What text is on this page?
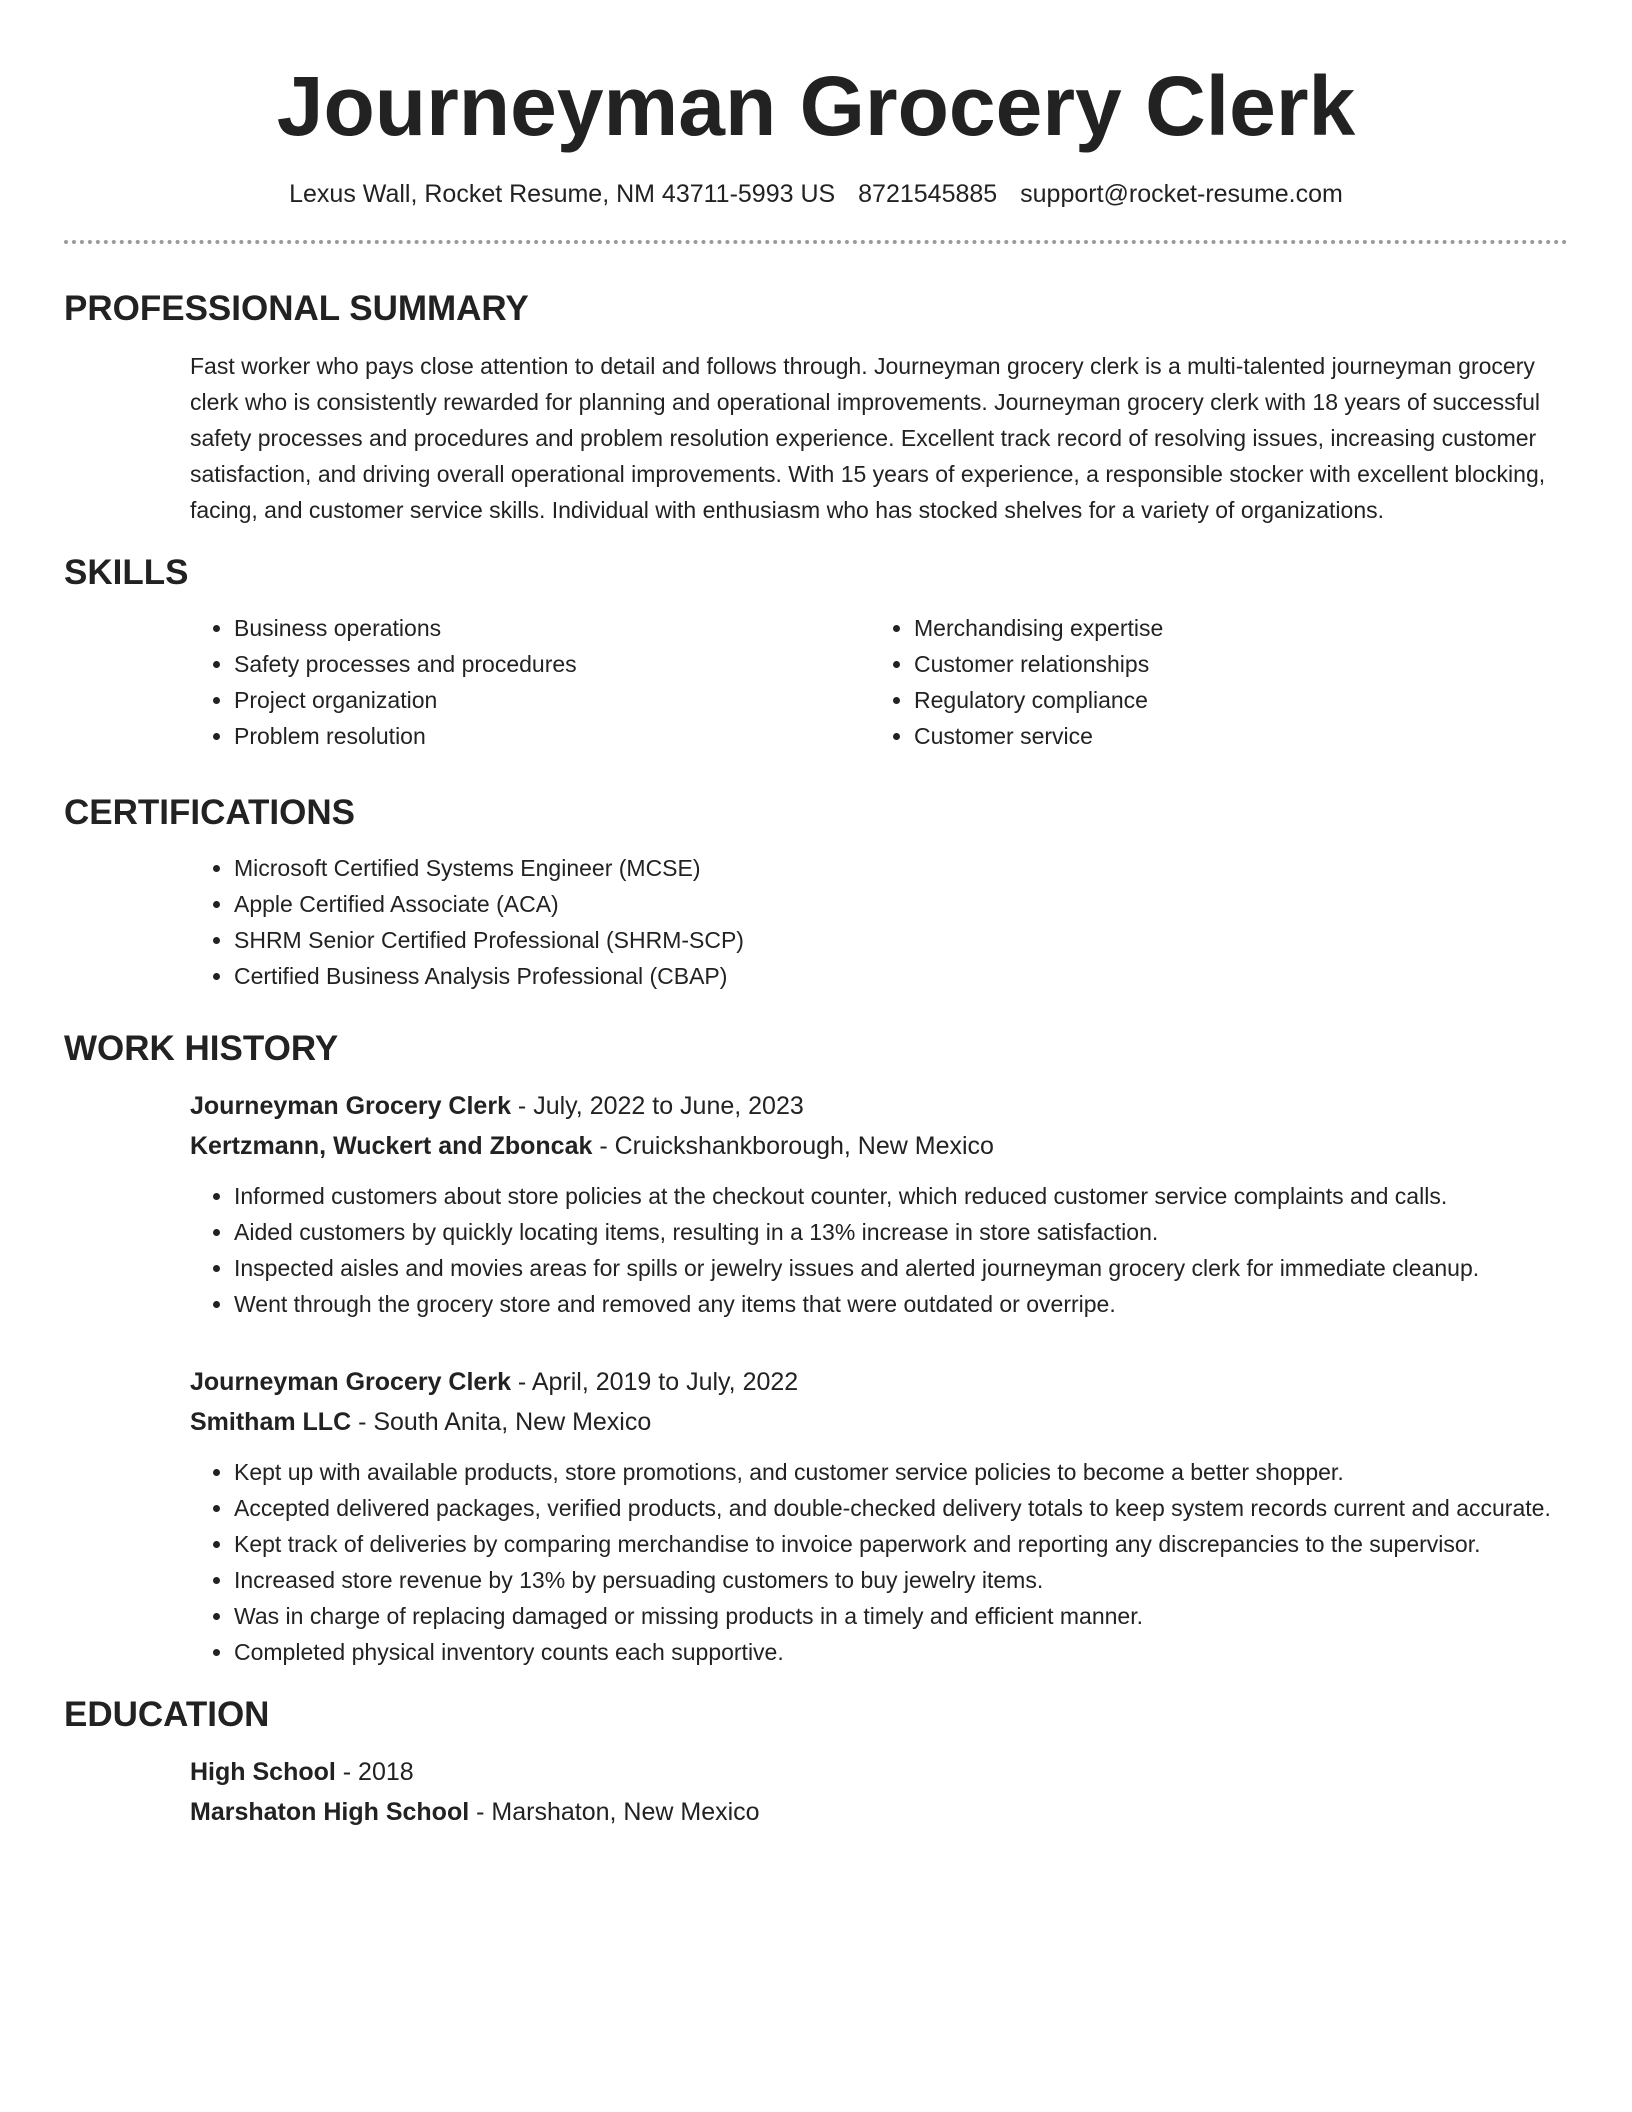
Journeyman Grocery Clerk
Lexus Wall, Rocket Resume, NM 43711-5993 US 8721545885 support@rocket-resume.com
PROFESSIONAL SUMMARY

Fast worker who pays close attention to detail and follows through. Journeyman grocery clerk is a multi-talented journeyman grocery clerk who is consistently rewarded for planning and operational improvements. Journeyman grocery clerk with 18 years of successful safety processes and procedures and problem resolution experience. Excellent track record of resolving issues, increasing customer satisfaction, and driving overall operational improvements. With 15 years of experience, a responsible stocker with excellent blocking, facing, and customer service skills. Individual with enthusiasm who has stocked shelves for a variety of organizations.

SKILLS
• Business operations
• Safety processes and procedures
• Project organization
• Problem resolution
• Merchandising expertise
• Customer relationships
• Regulatory compliance
• Customer service
CERTIFICATIONS
• Microsoft Certified Systems Engineer (MCSE)
• Apple Certified Associate (ACA)
• SHRM Senior Certified Professional (SHRM-SCP)
• Certified Business Analysis Professional (CBAP)
WORK HISTORY
Journeyman Grocery Clerk - July, 2022 to June, 2023
Kertzmann, Wuckert and Zboncak - Cruickshankborough, New Mexico
• Informed customers about store policies at the checkout counter, which reduced customer service complaints and calls.
• Aided customers by quickly locating items, resulting in a 13% increase in store satisfaction.
• Inspected aisles and movies areas for spills or jewelry issues and alerted journeyman grocery clerk for immediate cleanup.
• Went through the grocery store and removed any items that were outdated or overripe.
Journeyman Grocery Clerk - April, 2019 to July, 2022
Smitham LLC - South Anita, New Mexico
• Kept up with available products, store promotions, and customer service policies to become a better shopper.
• Accepted delivered packages, verified products, and double-checked delivery totals to keep system records current and accurate.
• Kept track of deliveries by comparing merchandise to invoice paperwork and reporting any discrepancies to the supervisor.
• Increased store revenue by 13% by persuading customers to buy jewelry items.
• Was in charge of replacing damaged or missing products in a timely and efficient manner.
• Completed physical inventory counts each supportive.
EDUCATION
High School - 2018
Marshaton High School - Marshaton, New Mexico
